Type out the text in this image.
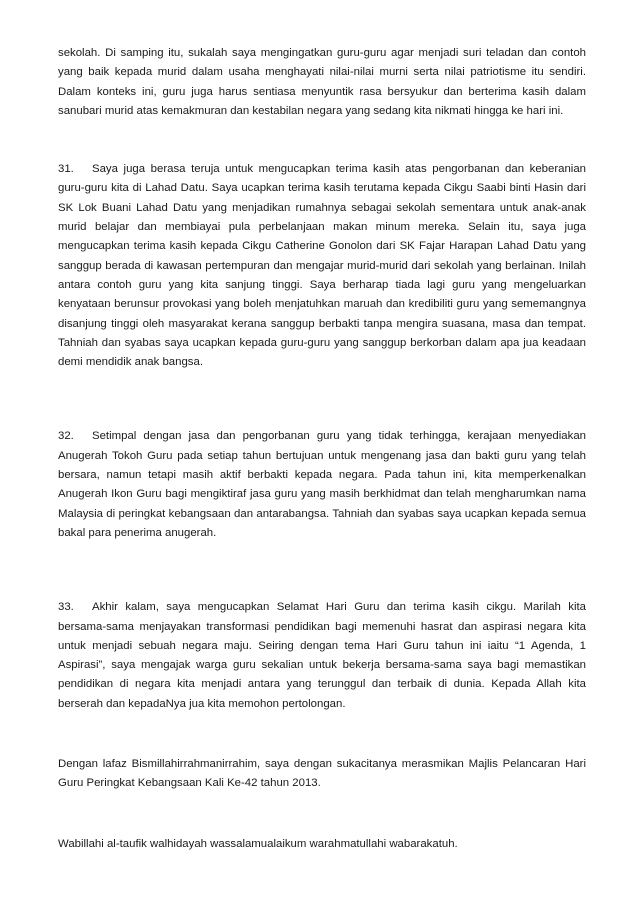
sekolah. Di samping itu, sukalah saya mengingatkan guru-guru agar menjadi suri teladan dan contoh yang baik kepada murid dalam usaha menghayati nilai-nilai murni serta nilai patriotisme itu sendiri. Dalam konteks ini, guru juga harus sentiasa menyuntik rasa bersyukur dan berterima kasih dalam sanubari murid atas kemakmuran dan kestabilan negara yang sedang kita nikmati hingga ke hari ini.

31. Saya juga berasa teruja untuk mengucapkan terima kasih atas pengorbanan dan keberanian guru-guru kita di Lahad Datu. Saya ucapkan terima kasih terutama kepada Cikgu Saabi binti Hasin dari SK Lok Buani Lahad Datu yang menjadikan rumahnya sebagai sekolah sementara untuk anak-anak murid belajar dan membiayai pula perbelanjaan makan minum mereka. Selain itu, saya juga mengucapkan terima kasih kepada Cikgu Catherine Gonolon dari SK Fajar Harapan Lahad Datu yang sanggup berada di kawasan pertempuran dan mengajar murid-murid dari sekolah yang berlainan. Inilah antara contoh guru yang kita sanjung tinggi. Saya berharap tiada lagi guru yang mengeluarkan kenyataan berunsur provokasi yang boleh menjatuhkan maruah dan kredibiliti guru yang sememangnya disanjung tinggi oleh masyarakat kerana sanggup berbakti tanpa mengira suasana, masa dan tempat. Tahniah dan syabas saya ucapkan kepada guru-guru yang sanggup berkorban dalam apa jua keadaan demi mendidik anak bangsa.

32. Setimpal dengan jasa dan pengorbanan guru yang tidak terhingga, kerajaan menyediakan Anugerah Tokoh Guru pada setiap tahun bertujuan untuk mengenang jasa dan bakti guru yang telah bersara, namun tetapi masih aktif berbakti kepada negara. Pada tahun ini, kita memperkenalkan Anugerah Ikon Guru bagi mengiktiraf jasa guru yang masih berkhidmat dan telah mengharumkan nama Malaysia di peringkat kebangsaan dan antarabangsa. Tahniah dan syabas saya ucapkan kepada semua bakal para penerima anugerah.

33. Akhir kalam, saya mengucapkan Selamat Hari Guru dan terima kasih cikgu. Marilah kita bersama-sama menjayakan transformasi pendidikan bagi memenuhi hasrat dan aspirasi negara kita untuk menjadi sebuah negara maju. Seiring dengan tema Hari Guru tahun ini iaitu “1 Agenda, 1 Aspirasi”, saya mengajak warga guru sekalian untuk bekerja bersama-sama saya bagi memastikan pendidikan di negara kita menjadi antara yang terunggul dan terbaik di dunia. Kepada Allah kita berserah dan kepadaNya jua kita memohon pertolongan.

Dengan lafaz Bismillahirrahmanirrahim, saya dengan sukacitanya merasmikan Majlis Pelancaran Hari Guru Peringkat Kebangsaan Kali Ke-42 tahun 2013.

Wabillahi al-taufik walhidayah wassalamualaikum warahmatullahi wabarakatuh.
